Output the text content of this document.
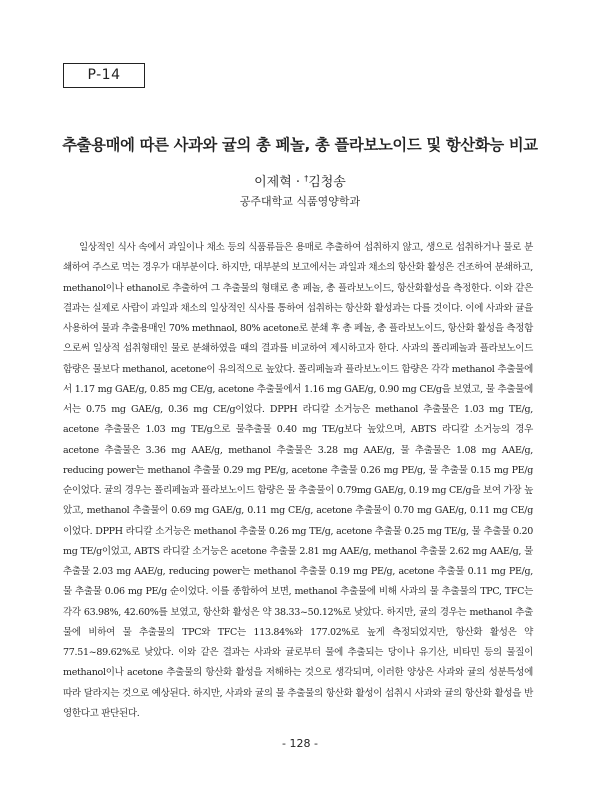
P-14
추출용매에 따른 사과와 귤의 총 페놀, 총 플라보노이드 및 항산화능 비교
이제혁 · †김청송
공주대학교 식품영양학과

일상적인 식사 속에서 과일이나 채소 등의 식품류들은 용매로 추출하여 섭취하지 않고, 생으로 섭취하거나 물로 분쇄하여 주스로 먹는 경우가 대부분이다. 하지만, 대부분의 보고에서는 과일과 채소의 항산화 활성은 건조하여 분쇄하고, methanol이나 ethanol로 추출하여 그 추출물의 형태로 총 페놀, 총 플라보노이드, 항산화활성을 측정한다. 이와 같은 결과는 실제로 사람이 과일과 채소의 일상적인 식사를 통하여 섭취하는 항산화 활성과는 다를 것이다. 이에 사과와 귤을 사용하여 물과 추출용매인 70% methnaol, 80% acetone로 분쇄 후 총 페놀, 총 플라보노이드, 항산화 활성을 측정함으로써 일상적 섭취형태인 물로 분쇄하였을 때의 결과를 비교하여 제시하고자 한다. 사과의 폴리페놀과 플라보노이드 함량은 물보다 methanol, acetone이 유의적으로 높았다. 폴리페놀과 플라보노이드 함량은 각각 methanol 추출물에서 1.17 mg GAE/g, 0.85 mg CE/g, acetone 추출물에서 1.16 mg GAE/g, 0.90 mg CE/g을 보였고, 물 추출물에서는 0.75 mg GAE/g, 0.36 mg CE/g이었다. DPPH 라디칼 소거능은 methanol 추출물은 1.03 mg TE/g, acetone 추출물은 1.03 mg TE/g으로 물추출물 0.40 mg TE/g보다 높았으며, ABTS 라디칼 소거능의 경우 acetone 추출물은 3.36 mg AAE/g, methanol 추출물은 3.28 mg AAE/g, 물 추출물은 1.08 mg AAE/g, reducing power는 methanol 추출물 0.29 mg PE/g, acetone 추출물 0.26 mg PE/g, 물 추출물 0.15 mg PE/g 순이었다. 귤의 경우는 폴리페놀과 플라보노이드 함량은 물 추출물이 0.79mg GAE/g, 0.19 mg CE/g을 보여 가장 높았고, methanol 추출물이 0.69 mg GAE/g, 0.11 mg CE/g, acetone 추출물이 0.70 mg GAE/g, 0.11 mg CE/g이었다. DPPH 라디칼 소거능은 methanol 추출물 0.26 mg TE/g, acetone 추출물 0.25 mg TE/g, 물 추출물 0.20 mg TE/g이었고, ABTS 라디칼 소거능은 acetone 추출물 2.81 mg AAE/g, methanol 추출물 2.62 mg AAE/g, 물 추출물 2.03 mg AAE/g, reducing power는 methanol 추출물 0.19 mg PE/g, acetone 추출물 0.11 mg PE/g, 물 추출물 0.06 mg PE/g 순이었다. 이를 종합하여 보면, methanol 추출물에 비해 사과의 물 추출물의 TPC, TFC는 각각 63.98%, 42.60%를 보였고, 항산화 활성은 약 38.33~50.12%로 낮았다. 하지만, 귤의 경우는 methanol 추출물에 비하여 물 추출물의 TPC와 TFC는 113.84%와 177.02%로 높게 측정되었지만, 항산화 활성은 약 77.51~89.62%로 낮았다. 이와 같은 결과는 사과와 귤로부터 물에 추출되는 당이나 유기산, 비타민 등의 물질이 methanol이나 acetone 추출물의 항산화 활성을 저해하는 것으로 생각되며, 이러한 양상은 사과와 귤의 성분특성에 따라 달라지는 것으로 예상된다. 하지만, 사과와 귤의 물 추출물의 항산화 활성이 섭취시 사과와 귤의 항산화 활성을 반영한다고 판단된다.

- 128 -
